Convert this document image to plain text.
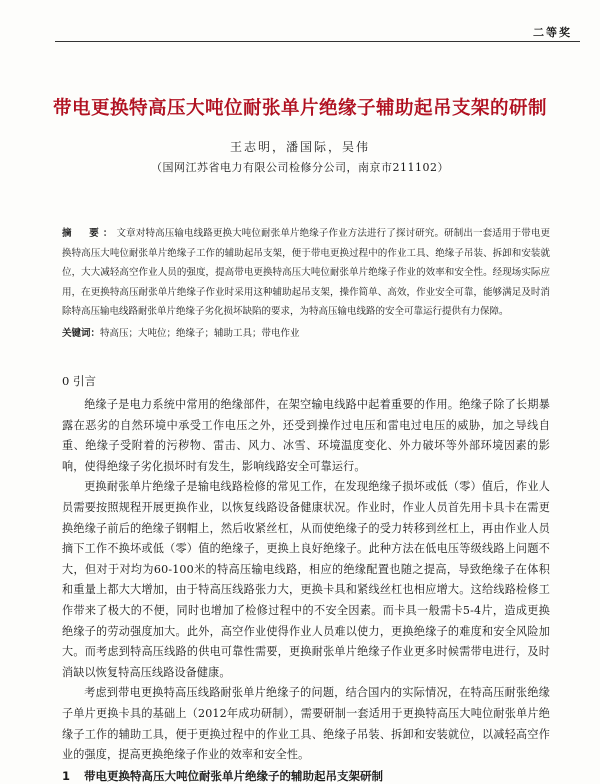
二等奖
带电更换特高压大吨位耐张单片绝缘子辅助起吊支架的研制
王志明，潘国际，吴伟
（国网江苏省电力有限公司检修分公司，南京市211102）
摘　要：文章对特高压输电线路更换大吨位耐张单片绝缘子作业方法进行了探讨研究。研制出一套适用于带电更换特高压大吨位耐张单片绝缘子工作的辅助起吊支架，便于带电更换过程中的作业工具、绝缘子吊装、拆卸和安装就位，大大减轻高空作业人员的强度，提高带电更换特高压大吨位耐张单片绝缘子作业的效率和安全性。经现场实际应用，在更换特高压耐张单片绝缘子作业时采用这种辅助起吊支架，操作简单、高效，作业安全可靠，能够满足及时消除特高压输电线路耐张单片绝缘子劣化损坏缺陷的要求，为特高压输电线路的安全可靠运行提供有力保障。
关键词：特高压；大吨位；绝缘子；辅助工具；带电作业
0 引言

绝缘子是电力系统中常用的绝缘部件，在架空输电线路中起着重要的作用。绝缘子除了长期暴露在恶劣的自然环境中承受工作电压之外，还受到操作过电压和雷电过电压的威胁，加之导线自重、绝缘子受附着的污秽物、雷击、风力、冰雪、环境温度变化、外力破坏等外部环境因素的影响，使得绝缘子劣化损坏时有发生，影响线路安全可靠运行。

更换耐张单片绝缘子是输电线路检修的常见工作，在发现绝缘子损坏或低（零）值后，作业人员需要按照规程开展更换作业，以恢复线路设备健康状况。作业时，作业人员首先用卡具卡在需更换绝缘子前后的绝缘子钢帽上，然后收紧丝杠，从而使绝缘子的受力转移到丝杠上，再由作业人员摘下工作不换坏或低（零）值的绝缘子，更换上良好绝缘子。此种方法在低电压等级线路上问题不大，但对于对均为60-100米的特高压输电线路，相应的绝缘配置也随之提高，导致绝缘子在体积和重量上都大大增加，由于特高压线路张力大，更换卡具和紧线丝杠也相应增大。这给线路检修工作带来了极大的不便，同时也增加了检修过程中的不安全因素。而卡具一般需卡5-4片，造成更换绝缘子的劳动强度加大。此外，高空作业使得作业人员难以使力，更换绝缘子的难度和安全风险加大。而考虑到特高压线路的供电可靠性需要，更换耐张单片绝缘子作业更多时候需带电进行，及时消缺以恢复特高压线路设备健康。

考虑到带电更换特高压线路耐张单片绝缘子的问题，结合国内的实际情况，在特高压耐张绝缘子单片更换卡具的基础上（2012年成功研制），需要研制一套适用于更换特高压大吨位耐张单片绝缘子工作的辅助工具，便于更换过程中的作业工具、绝缘子吊装、拆卸和安装就位，以减轻高空作业的强度，提高更换绝缘子作业的效率和安全性。

1 带电更换特高压大吨位耐张单片绝缘子的辅助起吊支架研制
